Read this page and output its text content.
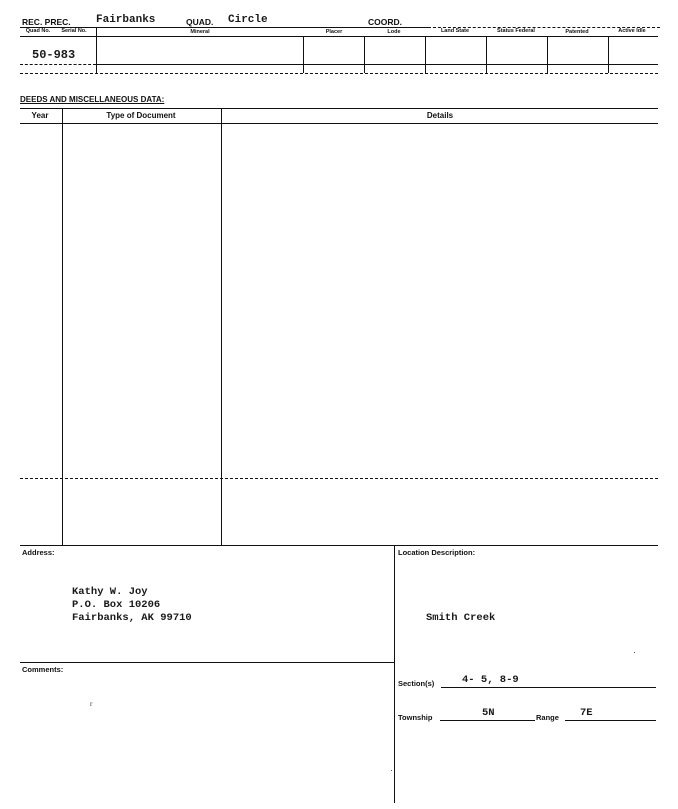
REC. PREC. Fairbanks	QUAD. Circle	COORD.
Quad No.	Serial No.	Mineral	Placer	Lode	Land State	Status Federal	Patented	Active Idle
50-983
DEEDS AND MISCELLANEOUS DATA:
Year	Type of Document	Details
Address:
Kathy W. Joy
P.O. Box 10206
Fairbanks, AK 99710
Location Description:
Smith Creek
Comments:
r
Section(s)	4- 5, 8-9
Township	5N	Range 7E
